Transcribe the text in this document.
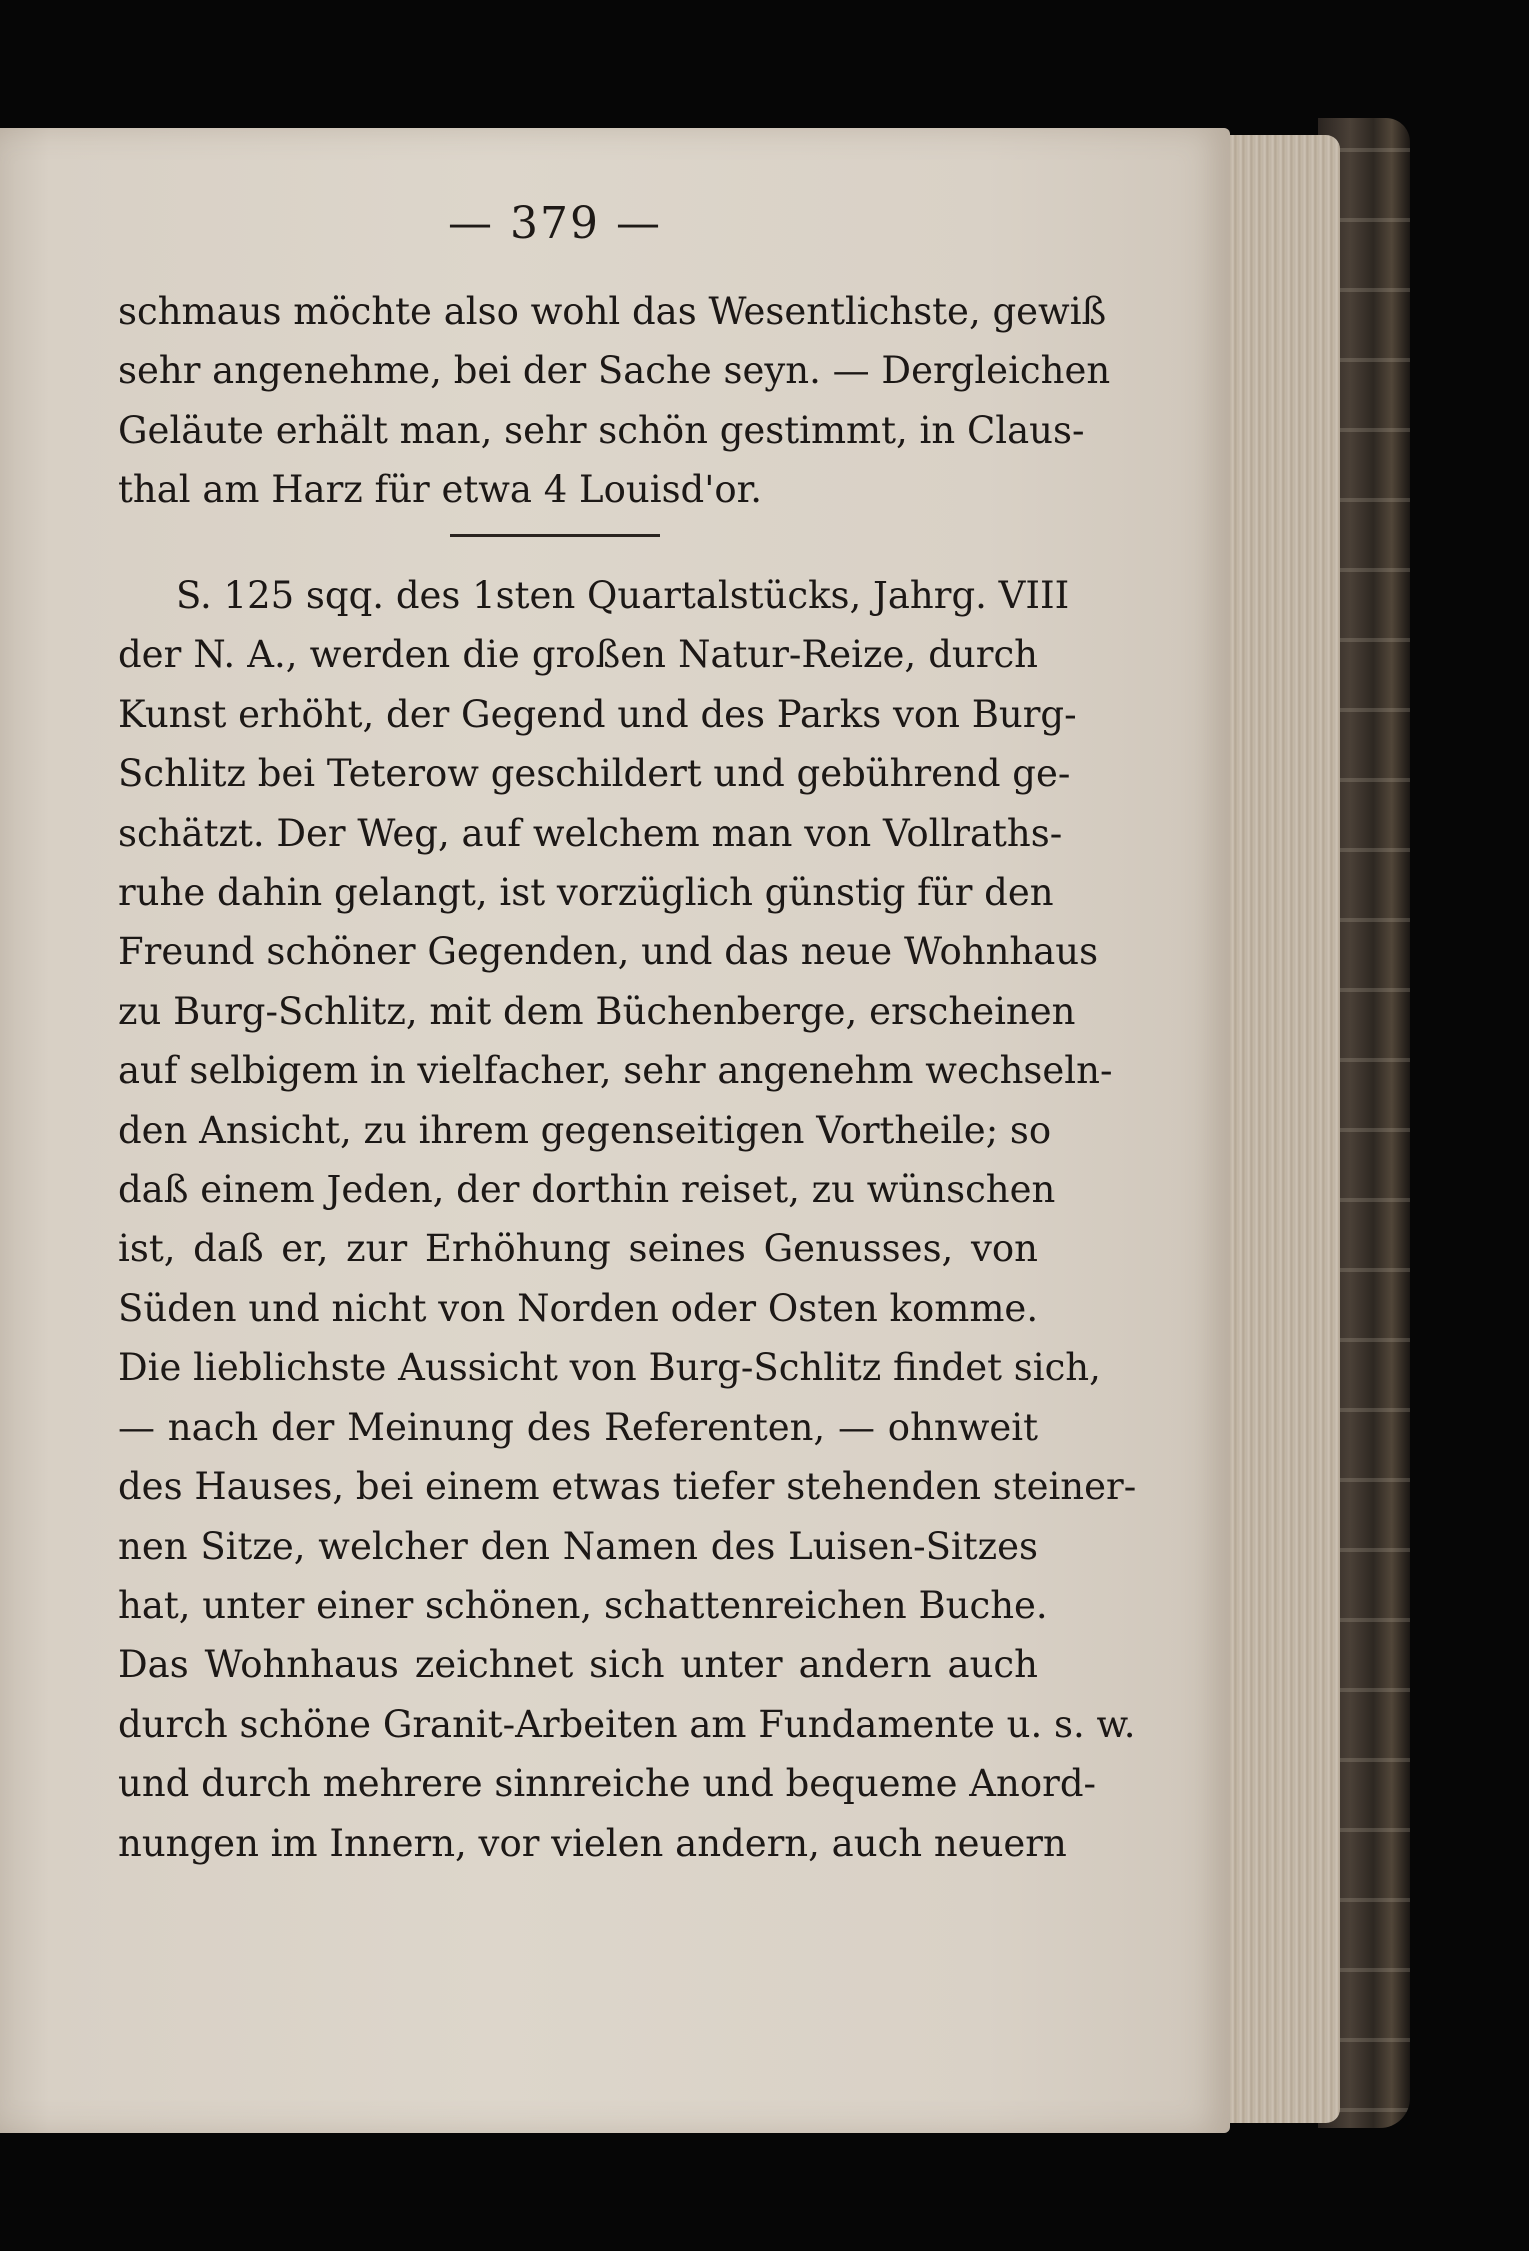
— 379 —
schmaus möchte also wohl das Wesentlichste, gewiß
sehr angenehme, bei der Sache seyn. — Dergleichen
Geläute erhält man, sehr schön gestimmt, in Claus-
thal am Harz für etwa 4 Louisd'or.
S. 125 sqq. des 1sten Quartalstücks, Jahrg. VIII
der N. A., werden die großen Natur-Reize, durch
Kunst erhöht, der Gegend und des Parks von Burg-
Schlitz bei Teterow geschildert und gebührend ge-
schätzt. Der Weg, auf welchem man von Vollraths-
ruhe dahin gelangt, ist vorzüglich günstig für den
Freund schöner Gegenden, und das neue Wohnhaus
zu Burg-Schlitz, mit dem Büchenberge, erscheinen
auf selbigem in vielfacher, sehr angenehm wechseln-
den Ansicht, zu ihrem gegenseitigen Vortheile; so
daß einem Jeden, der dorthin reiset, zu wünschen
ist, daß er, zur Erhöhung seines Genusses, von
Süden und nicht von Norden oder Osten komme.
Die lieblichste Aussicht von Burg-Schlitz findet sich,
— nach der Meinung des Referenten, — ohnweit
des Hauses, bei einem etwas tiefer stehenden steiner-
nen Sitze, welcher den Namen des Luisen-Sitzes
hat, unter einer schönen, schattenreichen Buche.
Das Wohnhaus zeichnet sich unter andern auch
durch schöne Granit-Arbeiten am Fundamente u. s. w.
und durch mehrere sinnreiche und bequeme Anord-
nungen im Innern, vor vielen andern, auch neuern
